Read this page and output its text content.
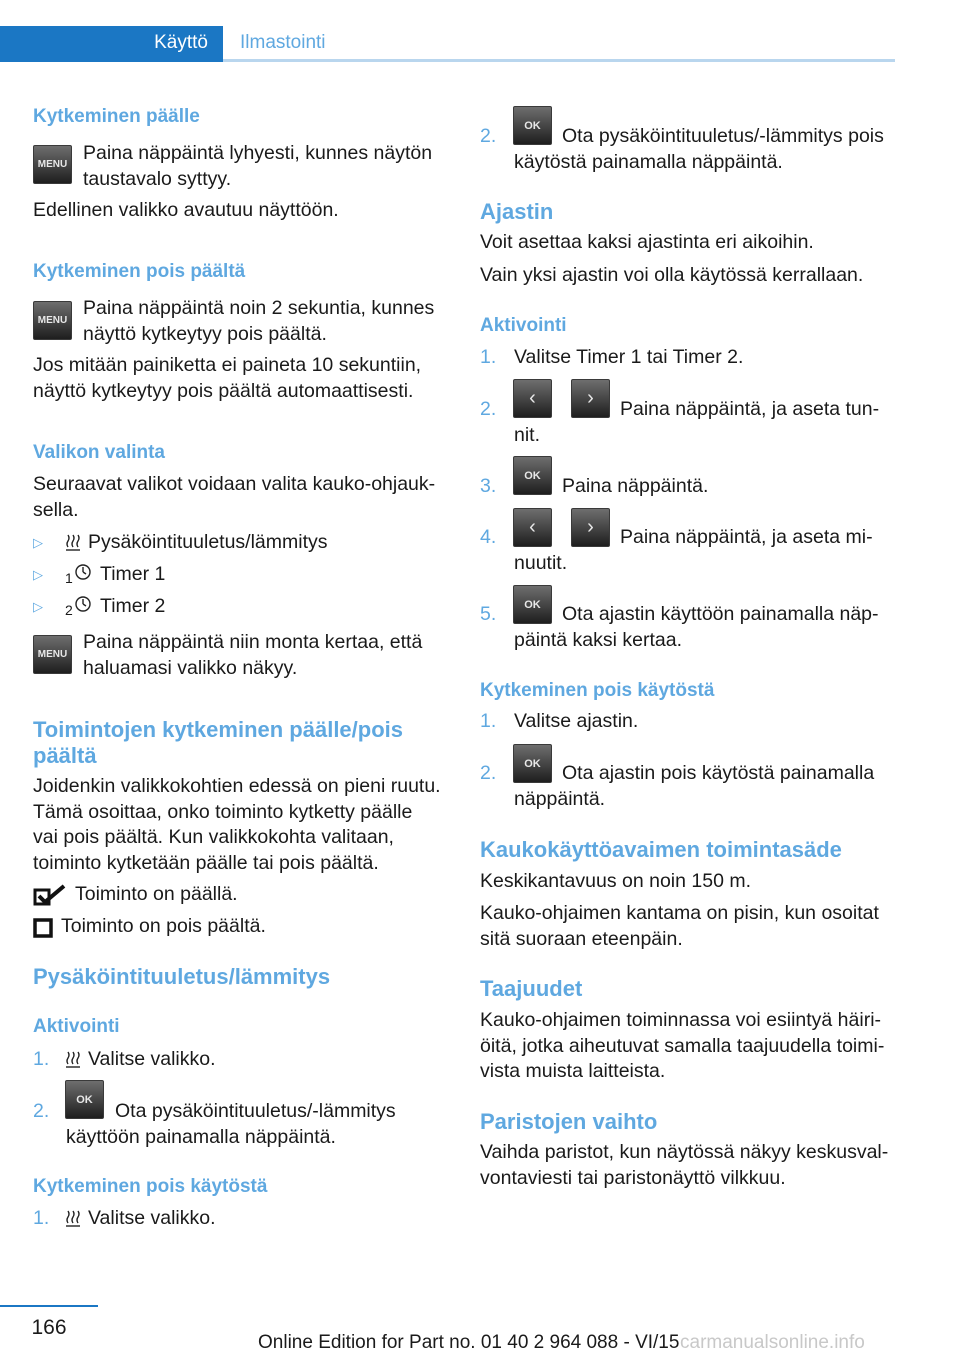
Käyttö	Ilmastointi
Kytkeminen päälle
MENU
Paina näppäintä lyhyesti, kunnes näytön taustavalo syttyy.
Edellinen valikko avautuu näyttöön.
Kytkeminen pois päältä
MENU
Paina näppäintä noin 2 sekuntia, kunnes näyttö kytkeytyy pois päältä.
Jos mitään painiketta ei paineta 10 sekuntiin, näyttö kytkeytyy pois päältä automaattisesti.
Valikon valinta
Seuraavat valikot voidaan valita kauko-ohjauksella.
▷ Pysäköintituuletus/lämmitys
▷ 1 Timer 1
▷ 2 Timer 2
MENU
Paina näppäintä niin monta kertaa, että haluamasi valikko näkyy.
Toimintojen kytkeminen päälle/pois päältä
Joidenkin valikkokohtien edessä on pieni ruutu. Tämä osoittaa, onko toiminto kytketty päälle vai pois päältä. Kun valikkokohta valitaan, toiminto kytketään päälle tai pois päältä.
Toiminto on päällä.
Toiminto on pois päältä.
Pysäköintituuletus/lämmitys
Aktivointi
1. Valitse valikko.
2.
OK
Ota pysäköintituuletus/-lämmitys käyttöön painamalla näppäintä.
Kytkeminen pois käytöstä
1. Valitse valikko.
2.	OK	Ota pysäköintituuletus/-lämmitys pois käytöstä painamalla näppäintä.
Ajastin
Voit asettaa kaksi ajastinta eri aikoihin.
Vain yksi ajastin voi olla käytössä kerrallaan.
Aktivointi
1. Valitse Timer 1 tai Timer 2.
2.	‹	›	Paina näppäintä, ja aseta tunnit.
3.	OK	Paina näppäintä.
4.	‹	›	Paina näppäintä, ja aseta minuutit.
5.	OK	Ota ajastin käyttöön painamalla näppäintä kaksi kertaa.
Kytkeminen pois käytöstä
1. Valitse ajastin.
2.	OK	Ota ajastin pois käytöstä painamalla näppäintä.
Kaukokäyttöavaimen toimintasäde
Keskikantavuus on noin 150 m.
Kauko-ohjaimen kantama on pisin, kun osoitat sitä suoraan eteenpäin.
Taajuudet
Kauko-ohjaimen toiminnassa voi esiintyä häiriöitä, jotka aiheutuvat samalla taajuudella toimivista muista laitteista.
Paristojen vaihto
Vaihda paristot, kun näytössä näkyy keskusvalvontaviesti tai paristonäyttö vilkkuu.
166
Online Edition for Part no. 01 40 2 964 088 - VI/15 carmanualsonline.info
